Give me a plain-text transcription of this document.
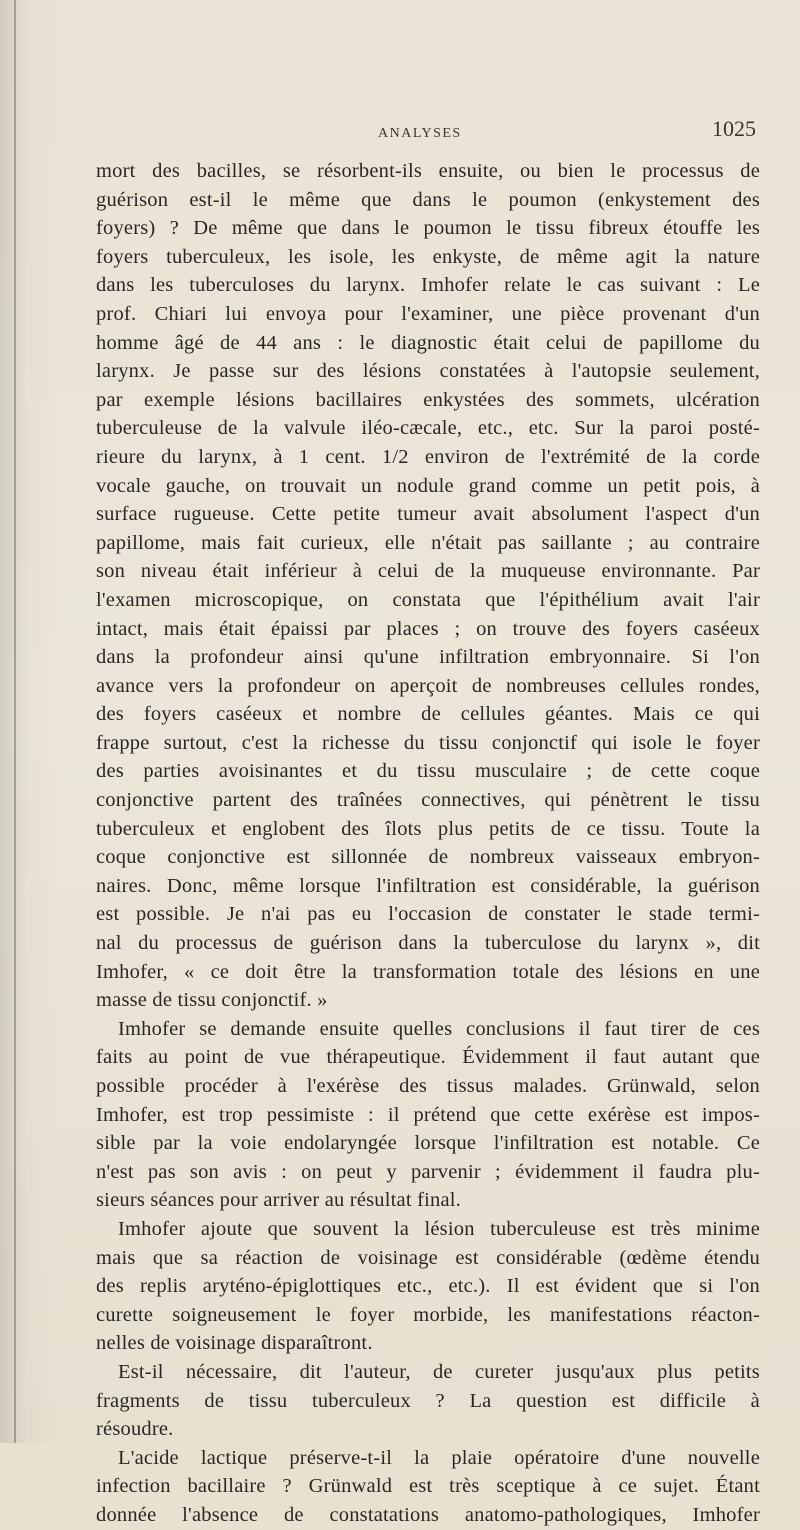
ANALYSES	1025
mort des bacilles, se résorbent-ils ensuite, ou bien le processus de
guérison est-il le même que dans le poumon (enkystement des
foyers) ? De même que dans le poumon le tissu fibreux étouffe les
foyers tuberculeux, les isole, les enkyste, de même agit la nature
dans les tuberculoses du larynx. Imhofer relate le cas suivant : Le
prof. Chiari lui envoya pour l'examiner, une pièce provenant d'un
homme âgé de 44 ans : le diagnostic était celui de papillome du
larynx. Je passe sur des lésions constatées à l'autopsie seulement,
par exemple lésions bacillaires enkystées des sommets, ulcération
tuberculeuse de la valvule iléo-cæcale, etc., etc. Sur la paroi posté-
rieure du larynx, à 1 cent. 1/2 environ de l'extrémité de la corde
vocale gauche, on trouvait un nodule grand comme un petit pois, à
surface rugueuse. Cette petite tumeur avait absolument l'aspect d'un
papillome, mais fait curieux, elle n'était pas saillante ; au contraire
son niveau était inférieur à celui de la muqueuse environnante. Par
l'examen microscopique, on constata que l'épithélium avait l'air
intact, mais était épaissi par places ; on trouve des foyers caséeux
dans la profondeur ainsi qu'une infiltration embryonnaire. Si l'on
avance vers la profondeur on aperçoit de nombreuses cellules rondes,
des foyers caséeux et nombre de cellules géantes. Mais ce qui
frappe surtout, c'est la richesse du tissu conjonctif qui isole le foyer
des parties avoisinantes et du tissu musculaire ; de cette coque
conjonctive partent des traînées connectives, qui pénètrent le tissu
tuberculeux et englobent des îlots plus petits de ce tissu. Toute la
coque conjonctive est sillonnée de nombreux vaisseaux embryon-
naires. Donc, même lorsque l'infiltration est considérable, la guérison
est possible. Je n'ai pas eu l'occasion de constater le stade termi-
nal du processus de guérison dans la tuberculose du larynx », dit
Imhofer, « ce doit être la transformation totale des lésions en une
masse de tissu conjonctif. »
Imhofer se demande ensuite quelles conclusions il faut tirer de ces
faits au point de vue thérapeutique. Évidemment il faut autant que
possible procéder à l'exérèse des tissus malades. Grünwald, selon
Imhofer, est trop pessimiste : il prétend que cette exérèse est impos-
sible par la voie endolaryngée lorsque l'infiltration est notable. Ce
n'est pas son avis : on peut y parvenir ; évidemment il faudra plu-
sieurs séances pour arriver au résultat final.
Imhofer ajoute que souvent la lésion tuberculeuse est très minime
mais que sa réaction de voisinage est considérable (œdème étendu
des replis aryténo-épiglottiques etc., etc.). Il est évident que si l'on
curette soigneusement le foyer morbide, les manifestations réacton-
nelles de voisinage disparaîtront.
Est-il nécessaire, dit l'auteur, de cureter jusqu'aux plus petits
fragments de tissu tuberculeux ? La question est difficile à
résoudre.
L'acide lactique préserve-t-il la plaie opératoire d'une nouvelle
infection bacillaire ? Grünwald est très sceptique à ce sujet. Étant
donnée l'absence de constatations anatomo-pathologiques, Imhofer
